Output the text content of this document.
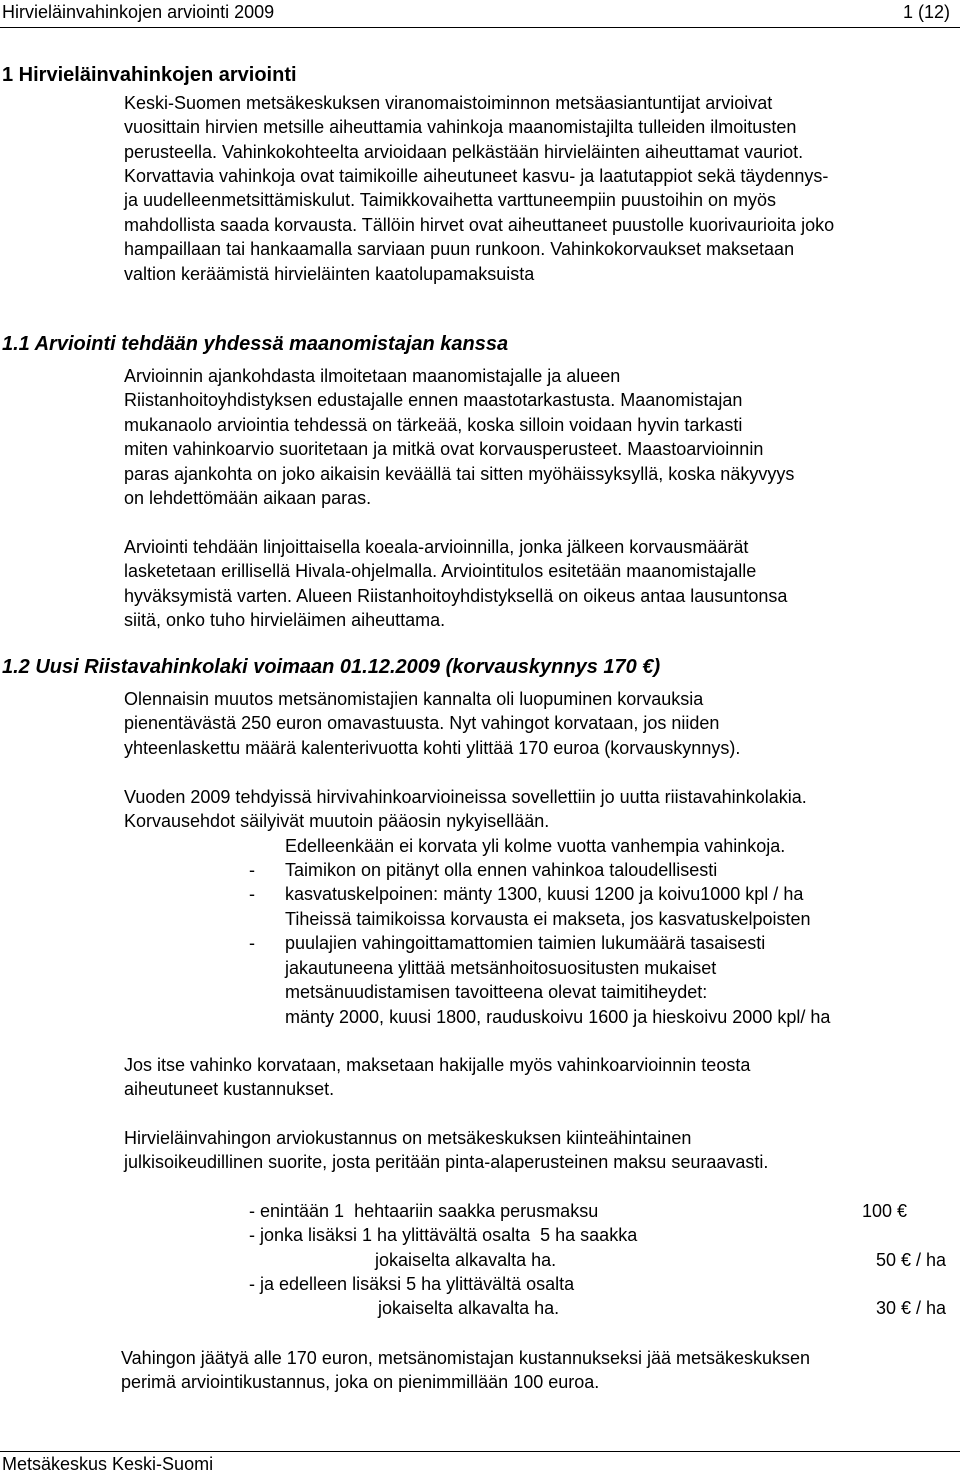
Hirvieläinvahinkojen arviointi 2009	1 (12)
1 Hirvieläinvahinkojen arviointi
Keski-Suomen metsäkeskuksen viranomaistoiminnon metsäasiantuntijat arvioivat
vuosittain hirvien metsille aiheuttamia vahinkoja maanomistajilta tulleiden ilmoitusten
perusteella. Vahinkokohteelta arvioidaan pelkästään hirvieläinten aiheuttamat vauriot.
Korvattavia vahinkoja ovat taimikoille aiheutuneet kasvu- ja laatutappiot sekä täydennys-
ja uudelleenmetsittämiskulut. Taimikkovaihetta varttuneempiin puustoihin on myös
mahdollista saada korvausta. Tällöin hirvet ovat aiheuttaneet puustolle kuorivaurioita joko
hampaillaan tai hankaamalla sarviaan puun runkoon. Vahinkokorvaukset maksetaan
valtion keräämistä hirvieläinten kaatolupamaksuista
1.1 Arviointi tehdään yhdessä maanomistajan kanssa
Arvioinnin ajankohdasta ilmoitetaan maanomistajalle ja alueen
Riistanhoitoyhdistyksen edustajalle ennen maastotarkastusta. Maanomistajan
mukanaolo arviointia tehdessä on tärkeää, koska silloin voidaan hyvin tarkasti
miten vahinkoarvio suoritetaan ja mitkä ovat korvausperusteet. Maastoarvioinnin
paras ajankohta on joko aikaisin keväällä tai sitten myöhäissyksyllä, koska näkyvyys
on lehdettömään aikaan paras.
Arviointi tehdään linjoittaisella koeala-arvioinnilla, jonka jälkeen korvausmäärät
lasketetaan erillisellä Hivala-ohjelmalla. Arviointitulos esitetään maanomistajalle
hyväksymistä varten. Alueen Riistanhoitoyhdistyksellä on oikeus antaa lausuntonsa
siitä, onko tuho hirvieläimen aiheuttama.
1.2 Uusi Riistavahinkolaki voimaan 01.12.2009 (korvauskynnys 170 €)
Olennaisin muutos metsänomistajien kannalta oli luopuminen korvauksia
pienentävästä 250 euron omavastuusta. Nyt vahingot korvataan, jos niiden
yhteenlaskettu määrä kalenterivuotta kohti ylittää 170 euroa (korvauskynnys).
Vuoden 2009 tehdyissä hirvivahinkoarvioineissa sovellettiin jo uutta riistavahinkolakia.
Korvausehdot säilyivät muutoin pääosin nykyisellään.

-

Edelleenkään ei korvata yli kolme vuotta vanhempia vahinkoja.

-

Taimikon on pitänyt olla ennen vahinkoa taloudellisesti
kasvatuskelpoinen: mänty 1300, kuusi 1200 ja koivu1000 kpl / ha

-

Tiheissä taimikoissa korvausta ei makseta, jos kasvatuskelpoisten
puulajien vahingoittamattomien taimien lukumäärä tasaisesti
jakautuneena ylittää metsänhoitosuositusten mukaiset
metsänuudistamisen tavoitteena olevat taimitiheydet:
mänty 2000, kuusi 1800, rauduskoivu 1600 ja hieskoivu 2000 kpl/ ha

Jos itse vahinko korvataan, maksetaan hakijalle myös vahinkoarvioinnin teosta
aiheutuneet kustannukset.
Hirvieläinvahingon arviokustannus on metsäkeskuksen kiinteähintainen
julkisoikeudillinen suorite, josta peritään pinta-alaperusteinen maksu seuraavasti.
- enintään 1  hehtaariin saakka perusmaksu	100 €
- jonka lisäksi 1 ha ylittävältä osalta  5 ha saakka
jokaiselta alkavalta ha.	50 € / ha
- ja edelleen lisäksi 5 ha ylittävältä osalta
jokaiselta alkavalta ha.	30 € / ha
Vahingon jäätyä alle 170 euron, metsänomistajan kustannukseksi jää metsäkeskuksen
perimä arviointikustannus, joka on pienimmillään 100 euroa.
Metsäkeskus Keski-Suomi
